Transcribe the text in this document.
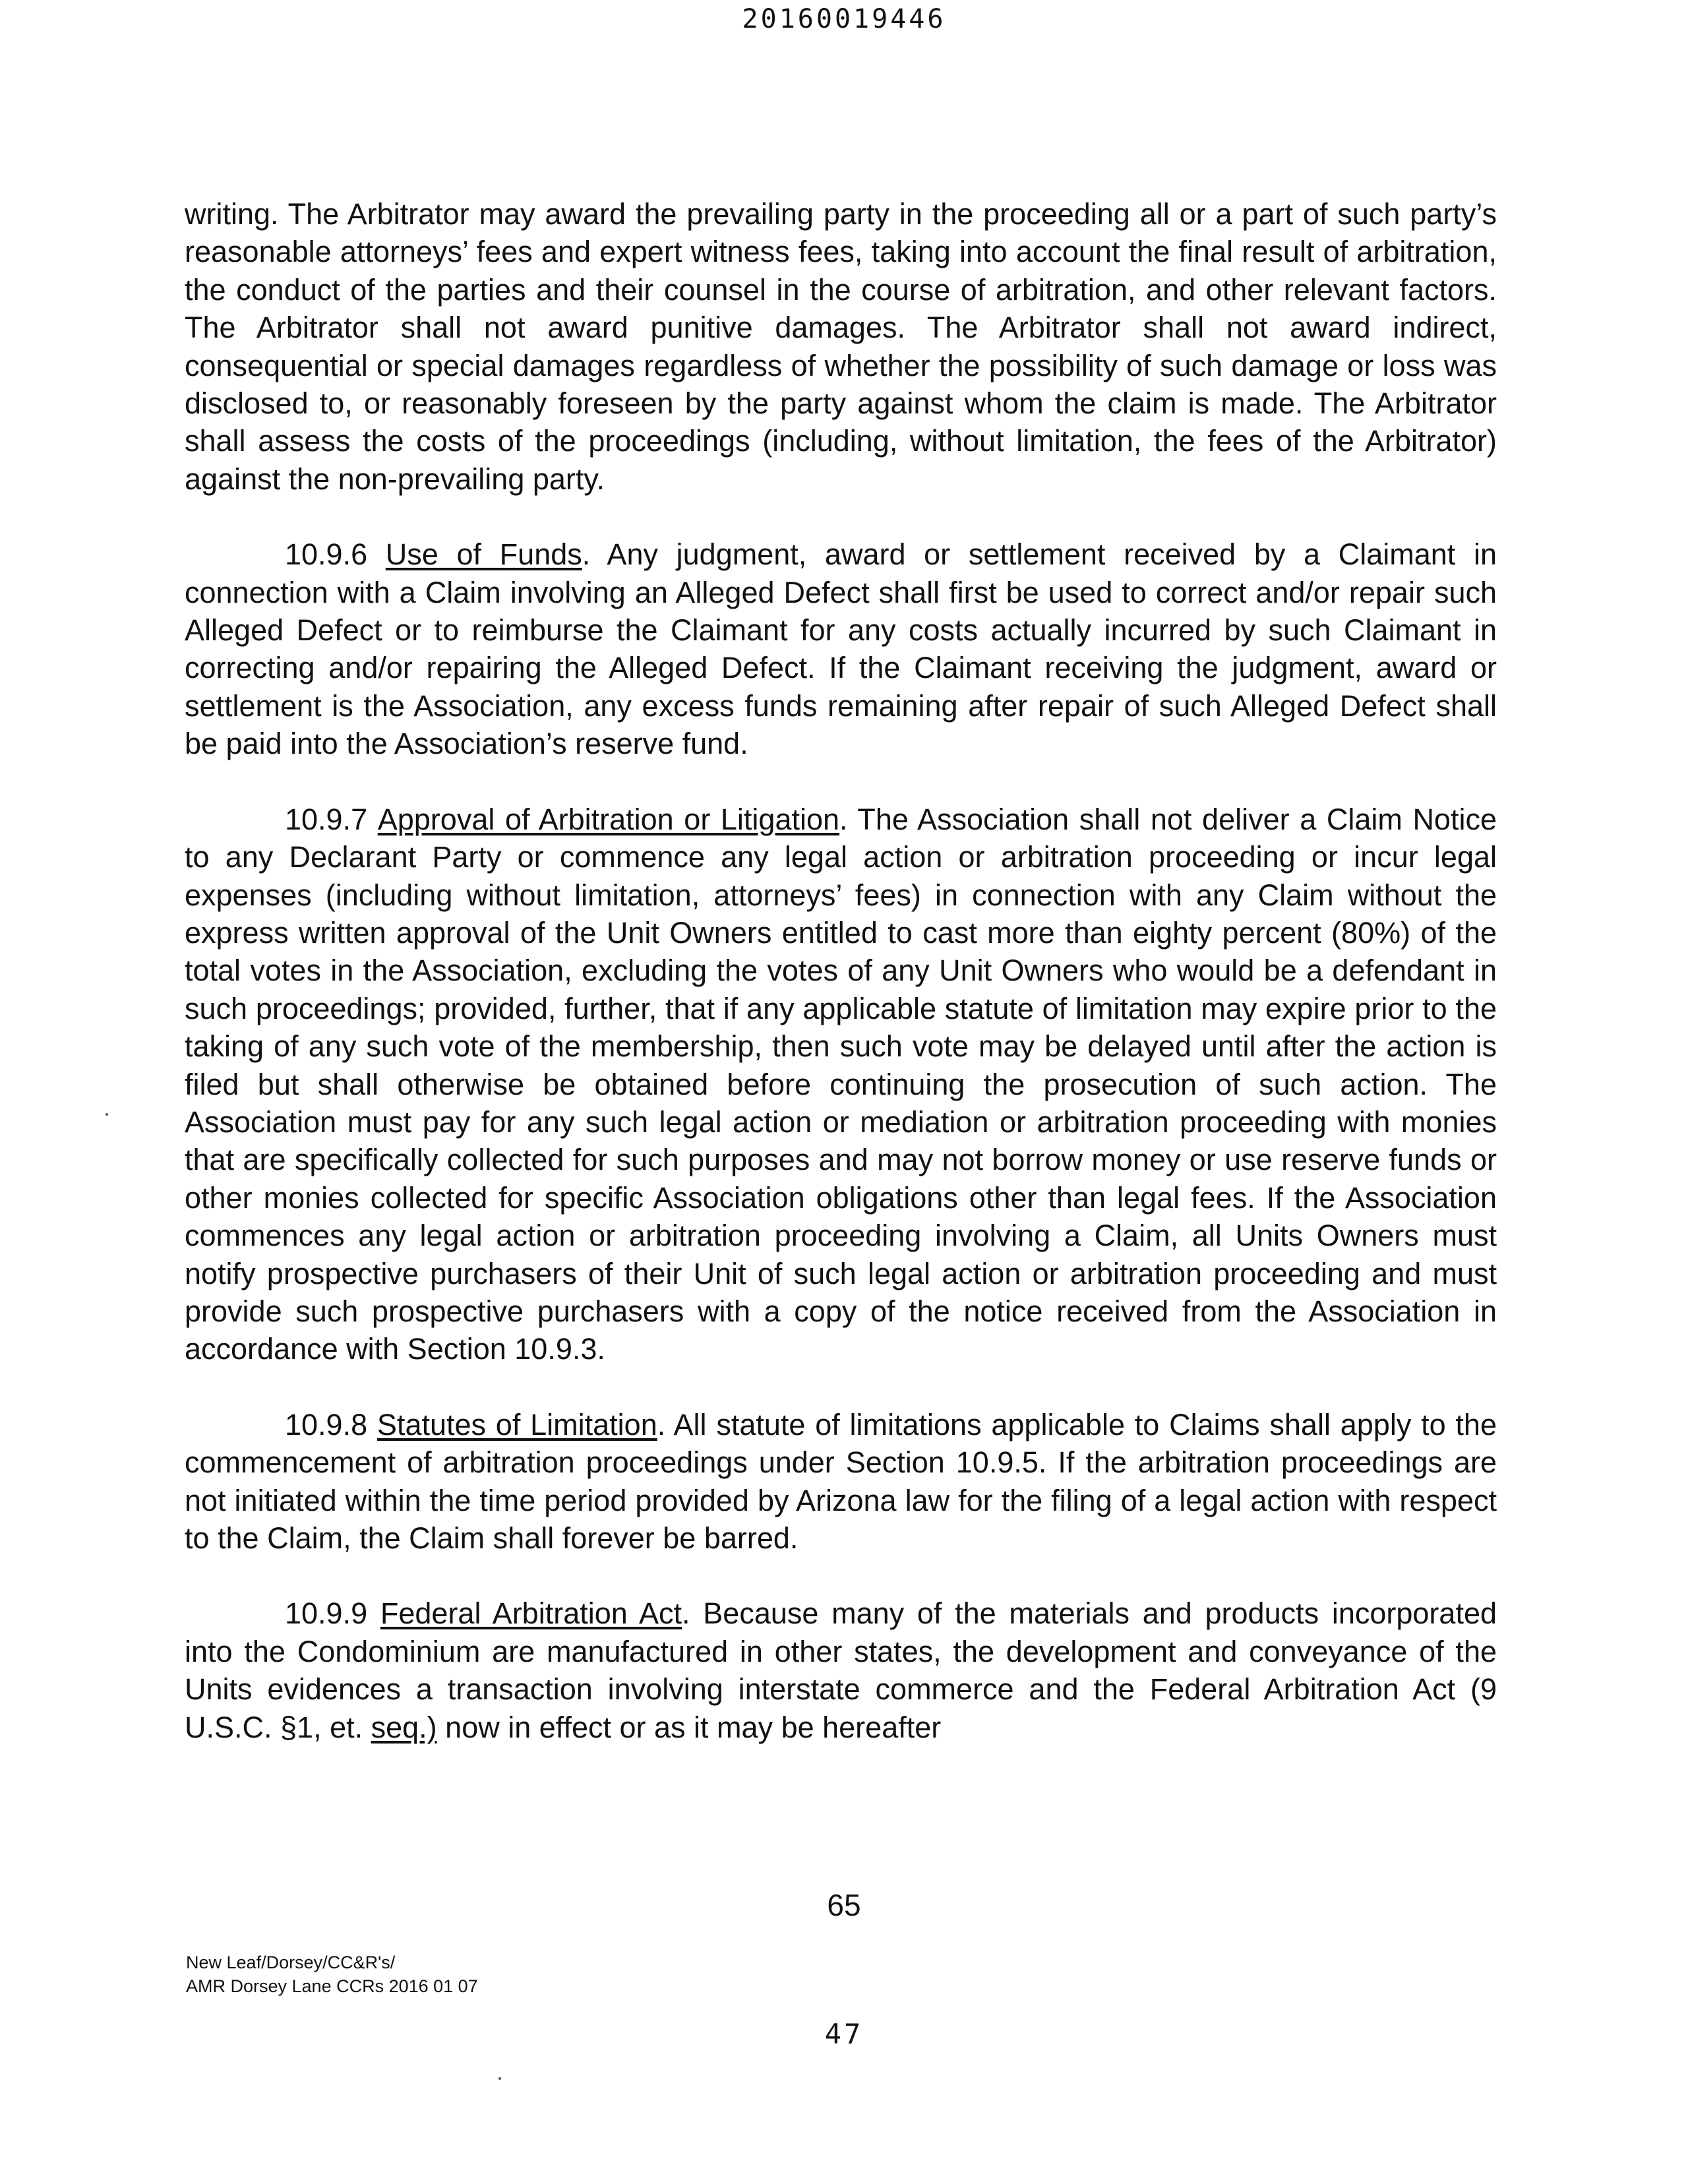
20160019446

writing. The Arbitrator may award the prevailing party in the proceeding all or a part of such party’s reasonable attorneys’ fees and expert witness fees, taking into account the final result of arbitration, the conduct of the parties and their counsel in the course of arbitration, and other relevant factors. The Arbitrator shall not award punitive damages. The Arbitrator shall not award indirect, consequential or special damages regardless of whether the possibility of such damage or loss was disclosed to, or reasonably foreseen by the party against whom the claim is made. The Arbitrator shall assess the costs of the proceedings (including, without limitation, the fees of the Arbitrator) against the non-prevailing party.

10.9.6 Use of Funds. Any judgment, award or settlement received by a Claimant in connection with a Claim involving an Alleged Defect shall first be used to correct and/or repair such Alleged Defect or to reimburse the Claimant for any costs actually incurred by such Claimant in correcting and/or repairing the Alleged Defect. If the Claimant receiving the judgment, award or settlement is the Association, any excess funds remaining after repair of such Alleged Defect shall be paid into the Association’s reserve fund.

10.9.7 Approval of Arbitration or Litigation. The Association shall not deliver a Claim Notice to any Declarant Party or commence any legal action or arbitration proceeding or incur legal expenses (including without limitation, attorneys’ fees) in connection with any Claim without the express written approval of the Unit Owners entitled to cast more than eighty percent (80%) of the total votes in the Association, excluding the votes of any Unit Owners who would be a defendant in such proceedings; provided, further, that if any applicable statute of limitation may expire prior to the taking of any such vote of the membership, then such vote may be delayed until after the action is filed but shall otherwise be obtained before continuing the prosecution of such action. The Association must pay for any such legal action or mediation or arbitration proceeding with monies that are specifically collected for such purposes and may not borrow money or use reserve funds or other monies collected for specific Association obligations other than legal fees. If the Association commences any legal action or arbitration proceeding involving a Claim, all Units Owners must notify prospective purchasers of their Unit of such legal action or arbitration proceeding and must provide such prospective purchasers with a copy of the notice received from the Association in accordance with Section 10.9.3.

10.9.8 Statutes of Limitation. All statute of limitations applicable to Claims shall apply to the commencement of arbitration proceedings under Section 10.9.5. If the arbitration proceedings are not initiated within the time period provided by Arizona law for the filing of a legal action with respect to the Claim, the Claim shall forever be barred.

10.9.9 Federal Arbitration Act. Because many of the materials and products incorporated into the Condominium are manufactured in other states, the development and conveyance of the Units evidences a transaction involving interstate commerce and the Federal Arbitration Act (9 U.S.C. §1, et. seq.) now in effect or as it may be hereafter

65
New Leaf/Dorsey/CC&R's/
AMR Dorsey Lane CCRs 2016 01 07
47
